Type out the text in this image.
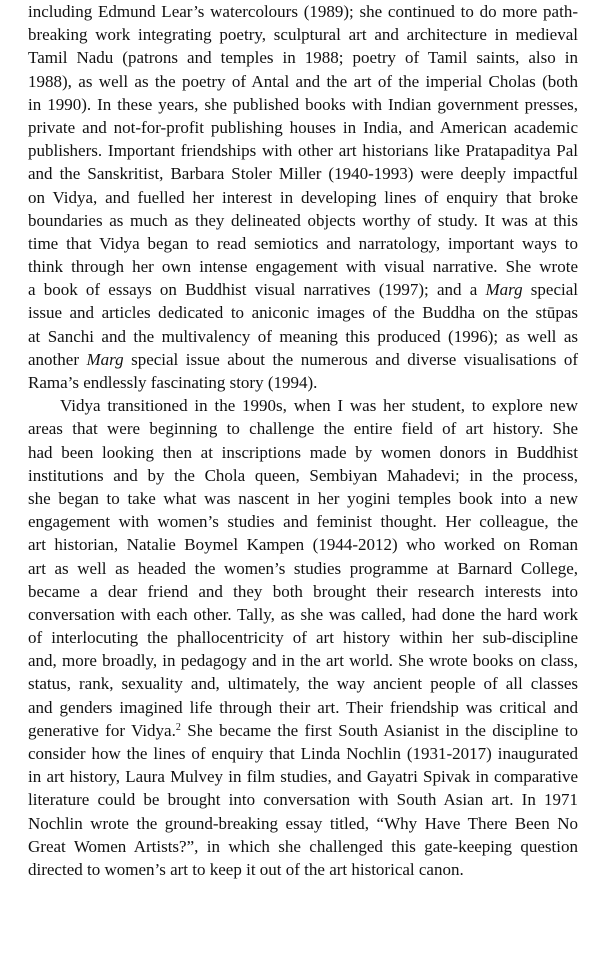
including Edmund Lear’s watercolours (1989); she continued to do more path-
breaking work integrating poetry, sculptural art and architecture in medieval
Tamil Nadu (patrons and temples in 1988; poetry of Tamil saints, also in
1988), as well as the poetry of Antal and the art of the imperial Cholas (both
in 1990). In these years, she published books with Indian government presses,
private and not-for-profit publishing houses in India, and American academic
publishers. Important friendships with other art historians like Pratapaditya Pal
and the Sanskritist, Barbara Stoler Miller (1940-1993) were deeply impactful
on Vidya, and fuelled her interest in developing lines of enquiry that broke
boundaries as much as they delineated objects worthy of study. It was at this
time that Vidya began to read semiotics and narratology, important ways to
think through her own intense engagement with visual narrative. She wrote
a book of essays on Buddhist visual narratives (1997); and a Marg special
issue and articles dedicated to aniconic images of the Buddha on the stūpas
at Sanchi and the multivalency of meaning this produced (1996); as well as
another Marg special issue about the numerous and diverse visualisations of
Rama’s endlessly fascinating story (1994).
Vidya transitioned in the 1990s, when I was her student, to explore new
areas that were beginning to challenge the entire field of art history. She
had been looking then at inscriptions made by women donors in Buddhist
institutions and by the Chola queen, Sembiyan Mahadevi; in the process,
she began to take what was nascent in her yogini temples book into a new
engagement with women’s studies and feminist thought. Her colleague, the
art historian, Natalie Boymel Kampen (1944-2012) who worked on Roman
art as well as headed the women’s studies programme at Barnard College,
became a dear friend and they both brought their research interests into
conversation with each other. Tally, as she was called, had done the hard work
of interlocuting the phallocentricity of art history within her sub-discipline
and, more broadly, in pedagogy and in the art world. She wrote books on class,
status, rank, sexuality and, ultimately, the way ancient people of all classes
and genders imagined life through their art. Their friendship was critical and
generative for Vidya.$^2$ She became the first South Asianist in the discipline to
consider how the lines of enquiry that Linda Nochlin (1931-2017) inaugurated
in art history, Laura Mulvey in film studies, and Gayatri Spivak in comparative
literature could be brought into conversation with South Asian art. In 1971
Nochlin wrote the ground-breaking essay titled, “Why Have There Been No
Great Women Artists?”, in which she challenged this gate-keeping question
directed to women’s art to keep it out of the art historical canon.
